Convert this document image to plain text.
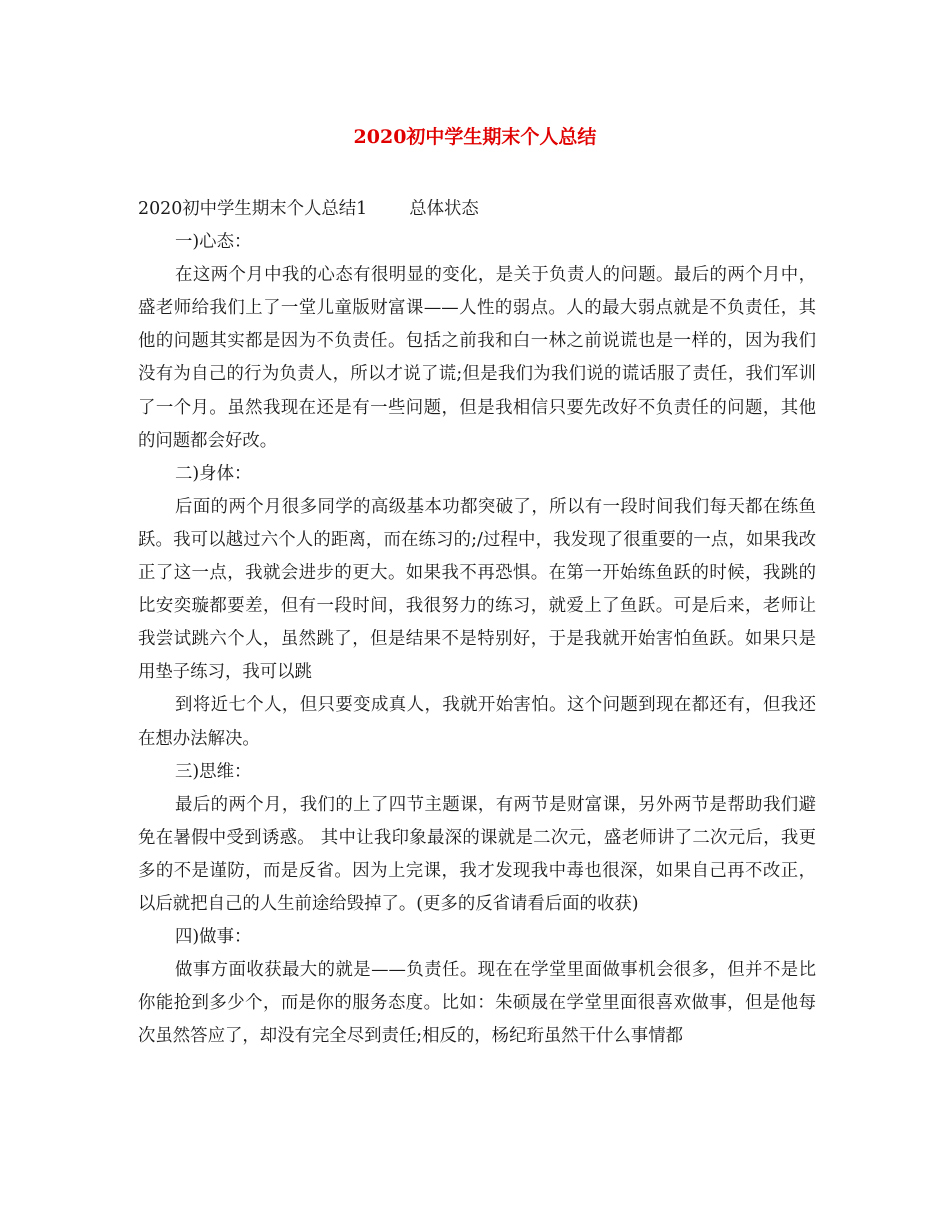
2020初中学生期末个人总结

2020初中学生期末个人总结1 总体状态

一)心态：

在这两个月中我的心态有很明显的变化，是关于负责人的问题。最后的两个月中，盛老师给我们上了一堂儿童版财富课——人性的弱点。人的最大弱点就是不负责任，其他的问题其实都是因为不负责任。包括之前我和白一林之前说谎也是一样的，因为我们没有为自己的行为负责人，所以才说了谎;但是我们为我们说的谎话服了责任，我们军训了一个月。虽然我现在还是有一些问题，但是我相信只要先改好不负责任的问题，其他的问题都会好改。

二)身体：

后面的两个月很多同学的高级基本功都突破了，所以有一段时间我们每天都在练鱼跃。我可以越过六个人的距离，而在练习的;/过程中，我发现了很重要的一点，如果我改正了这一点，我就会进步的更大。如果我不再恐惧。在第一开始练鱼跃的时候，我跳的比安奕璇都要差，但有一段时间，我很努力的练习，就爱上了鱼跃。可是后来，老师让我尝试跳六个人，虽然跳了，但是结果不是特别好，于是我就开始害怕鱼跃。如果只是用垫子练习，我可以跳

到将近七个人，但只要变成真人，我就开始害怕。这个问题到现在都还有，但我还在想办法解决。

三)思维：

最后的两个月，我们的上了四节主题课，有两节是财富课，另外两节是帮助我们避免在暑假中受到诱惑。 其中让我印象最深的课就是二次元，盛老师讲了二次元后，我更多的不是谨防，而是反省。因为上完课，我才发现我中毒也很深，如果自己再不改正，以后就把自己的人生前途给毁掉了。(更多的反省请看后面的收获)

四)做事：

做事方面收获最大的就是——负责任。现在在学堂里面做事机会很多，但并不是比你能抢到多少个，而是你的服务态度。比如：朱硕晟在学堂里面很喜欢做事，但是他每次虽然答应了，却没有完全尽到责任;相反的，杨纪珩虽然干什么事情都
